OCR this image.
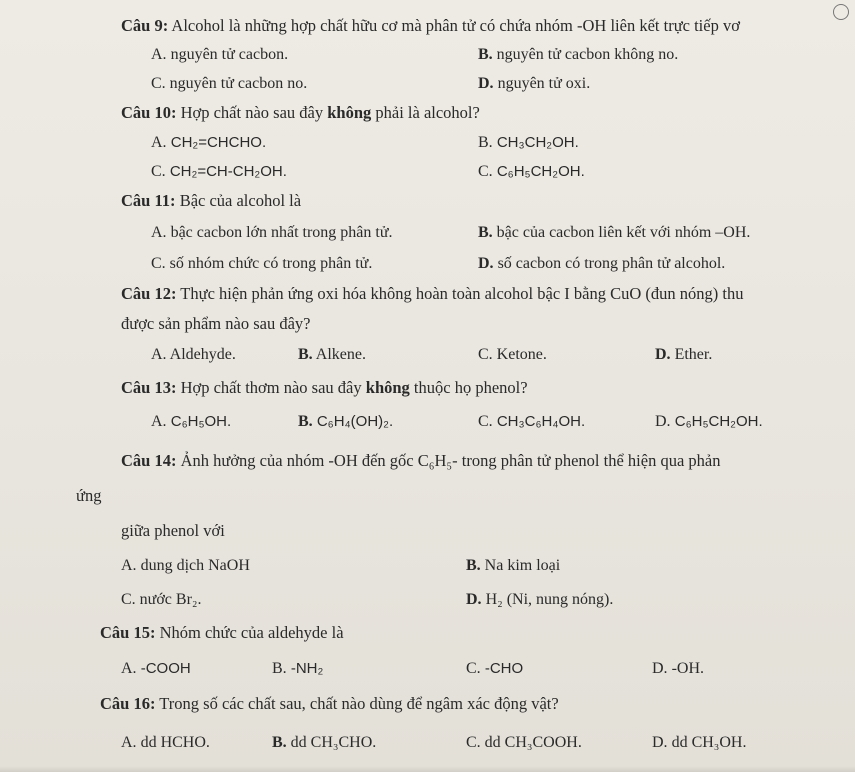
Câu 9: Alcohol là những hợp chất hữu cơ mà phân tử có chứa nhóm -OH liên kết trực tiếp vơ
A. nguyên tử cacbon.	B. nguyên tử cacbon không no.
C. nguyên tử cacbon no.	D. nguyên tử oxi.
Câu 10: Hợp chất nào sau đây không phải là alcohol?
A. CH₂=CHCHO.	B. CH₃CH₂OH.
C. CH₂=CH-CH₂OH.	C. C₆H₅CH₂OH.
Câu 11: Bậc của alcohol là
A. bậc cacbon lớn nhất trong phân tử.	B. bậc của cacbon liên kết với nhóm –OH.
C. số nhóm chức có trong phân tử.	D. số cacbon có trong phân tử alcohol.
Câu 12: Thực hiện phản ứng oxi hóa không hoàn toàn alcohol bậc I bằng CuO (đun nóng) thu
được sản phẩm nào sau đây?
A. Aldehyde.	B. Alkene.	C. Ketone.	D. Ether.
Câu 13: Hợp chất thơm nào sau đây không thuộc họ phenol?
A. C₆H₅OH.	B. C₆H₄(OH)₂.	C. CH₃C₆H₄OH.	D. C₆H₅CH₂OH.
Câu 14: Ảnh hưởng của nhóm -OH đến gốc C₆H₅- trong phân tử phenol thể hiện qua phản
ứng
giữa phenol với
A. dung dịch NaOH	B. Na kim loại
C. nước Br₂.	D. H₂ (Ni, nung nóng).
Câu 15: Nhóm chức của aldehyde là
A. -COOH	B. -NH₂	C. -CHO	D. -OH.
Câu 16: Trong số các chất sau, chất nào dùng để ngâm xác động vật?
A. dd HCHO.	B. dd CH₃CHO.	C. dd CH₃COOH.	D. dd CH₃OH.
